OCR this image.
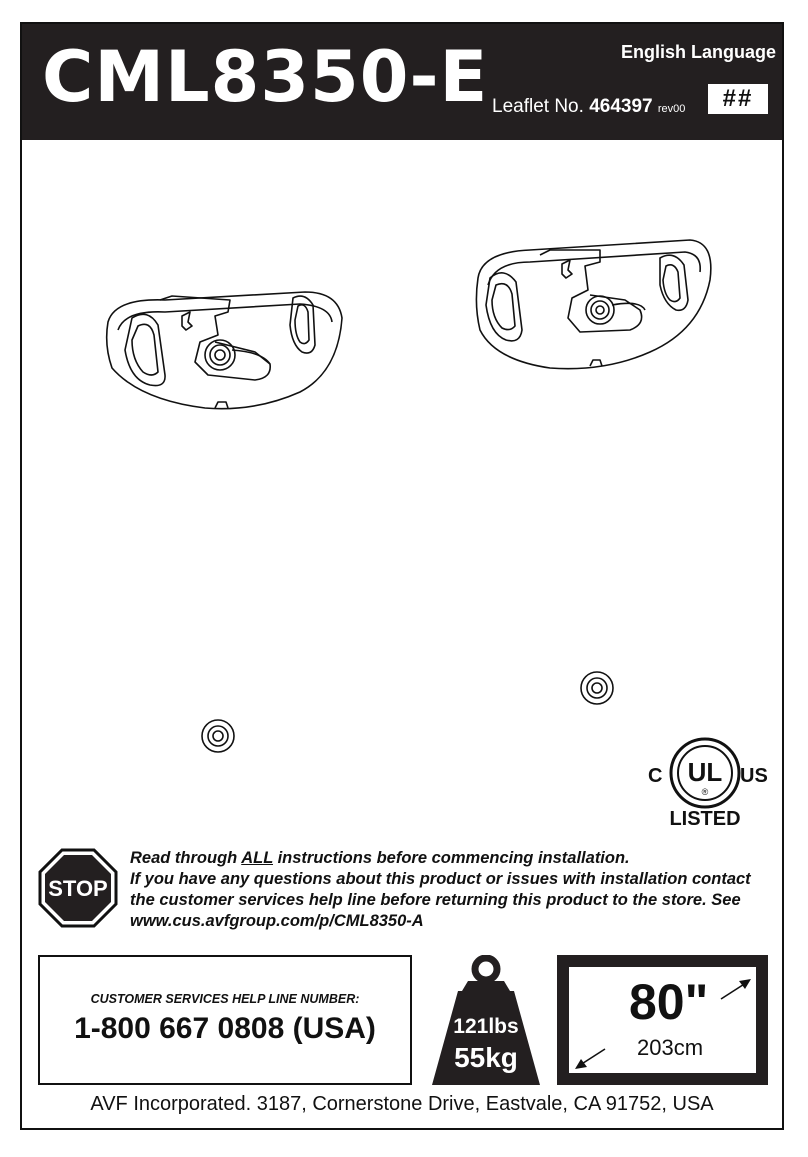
CML8350-E	English Language
Leaflet No. 464397 rev00	##
UL
®
C	US
LISTED
STOP
Read through ALL instructions before commencing installation.
If you have any questions about this product or issues with installation contact the customer services help line before returning this product to the store. See www.cus.avfgroup.com/p/CML8350-A
CUSTOMER SERVICES HELP LINE NUMBER:
1-800 667 0808 (USA)	121lbs
55kg
80"
203cm
AVF Incorporated. 3187, Cornerstone Drive, Eastvale, CA 91752, USA
